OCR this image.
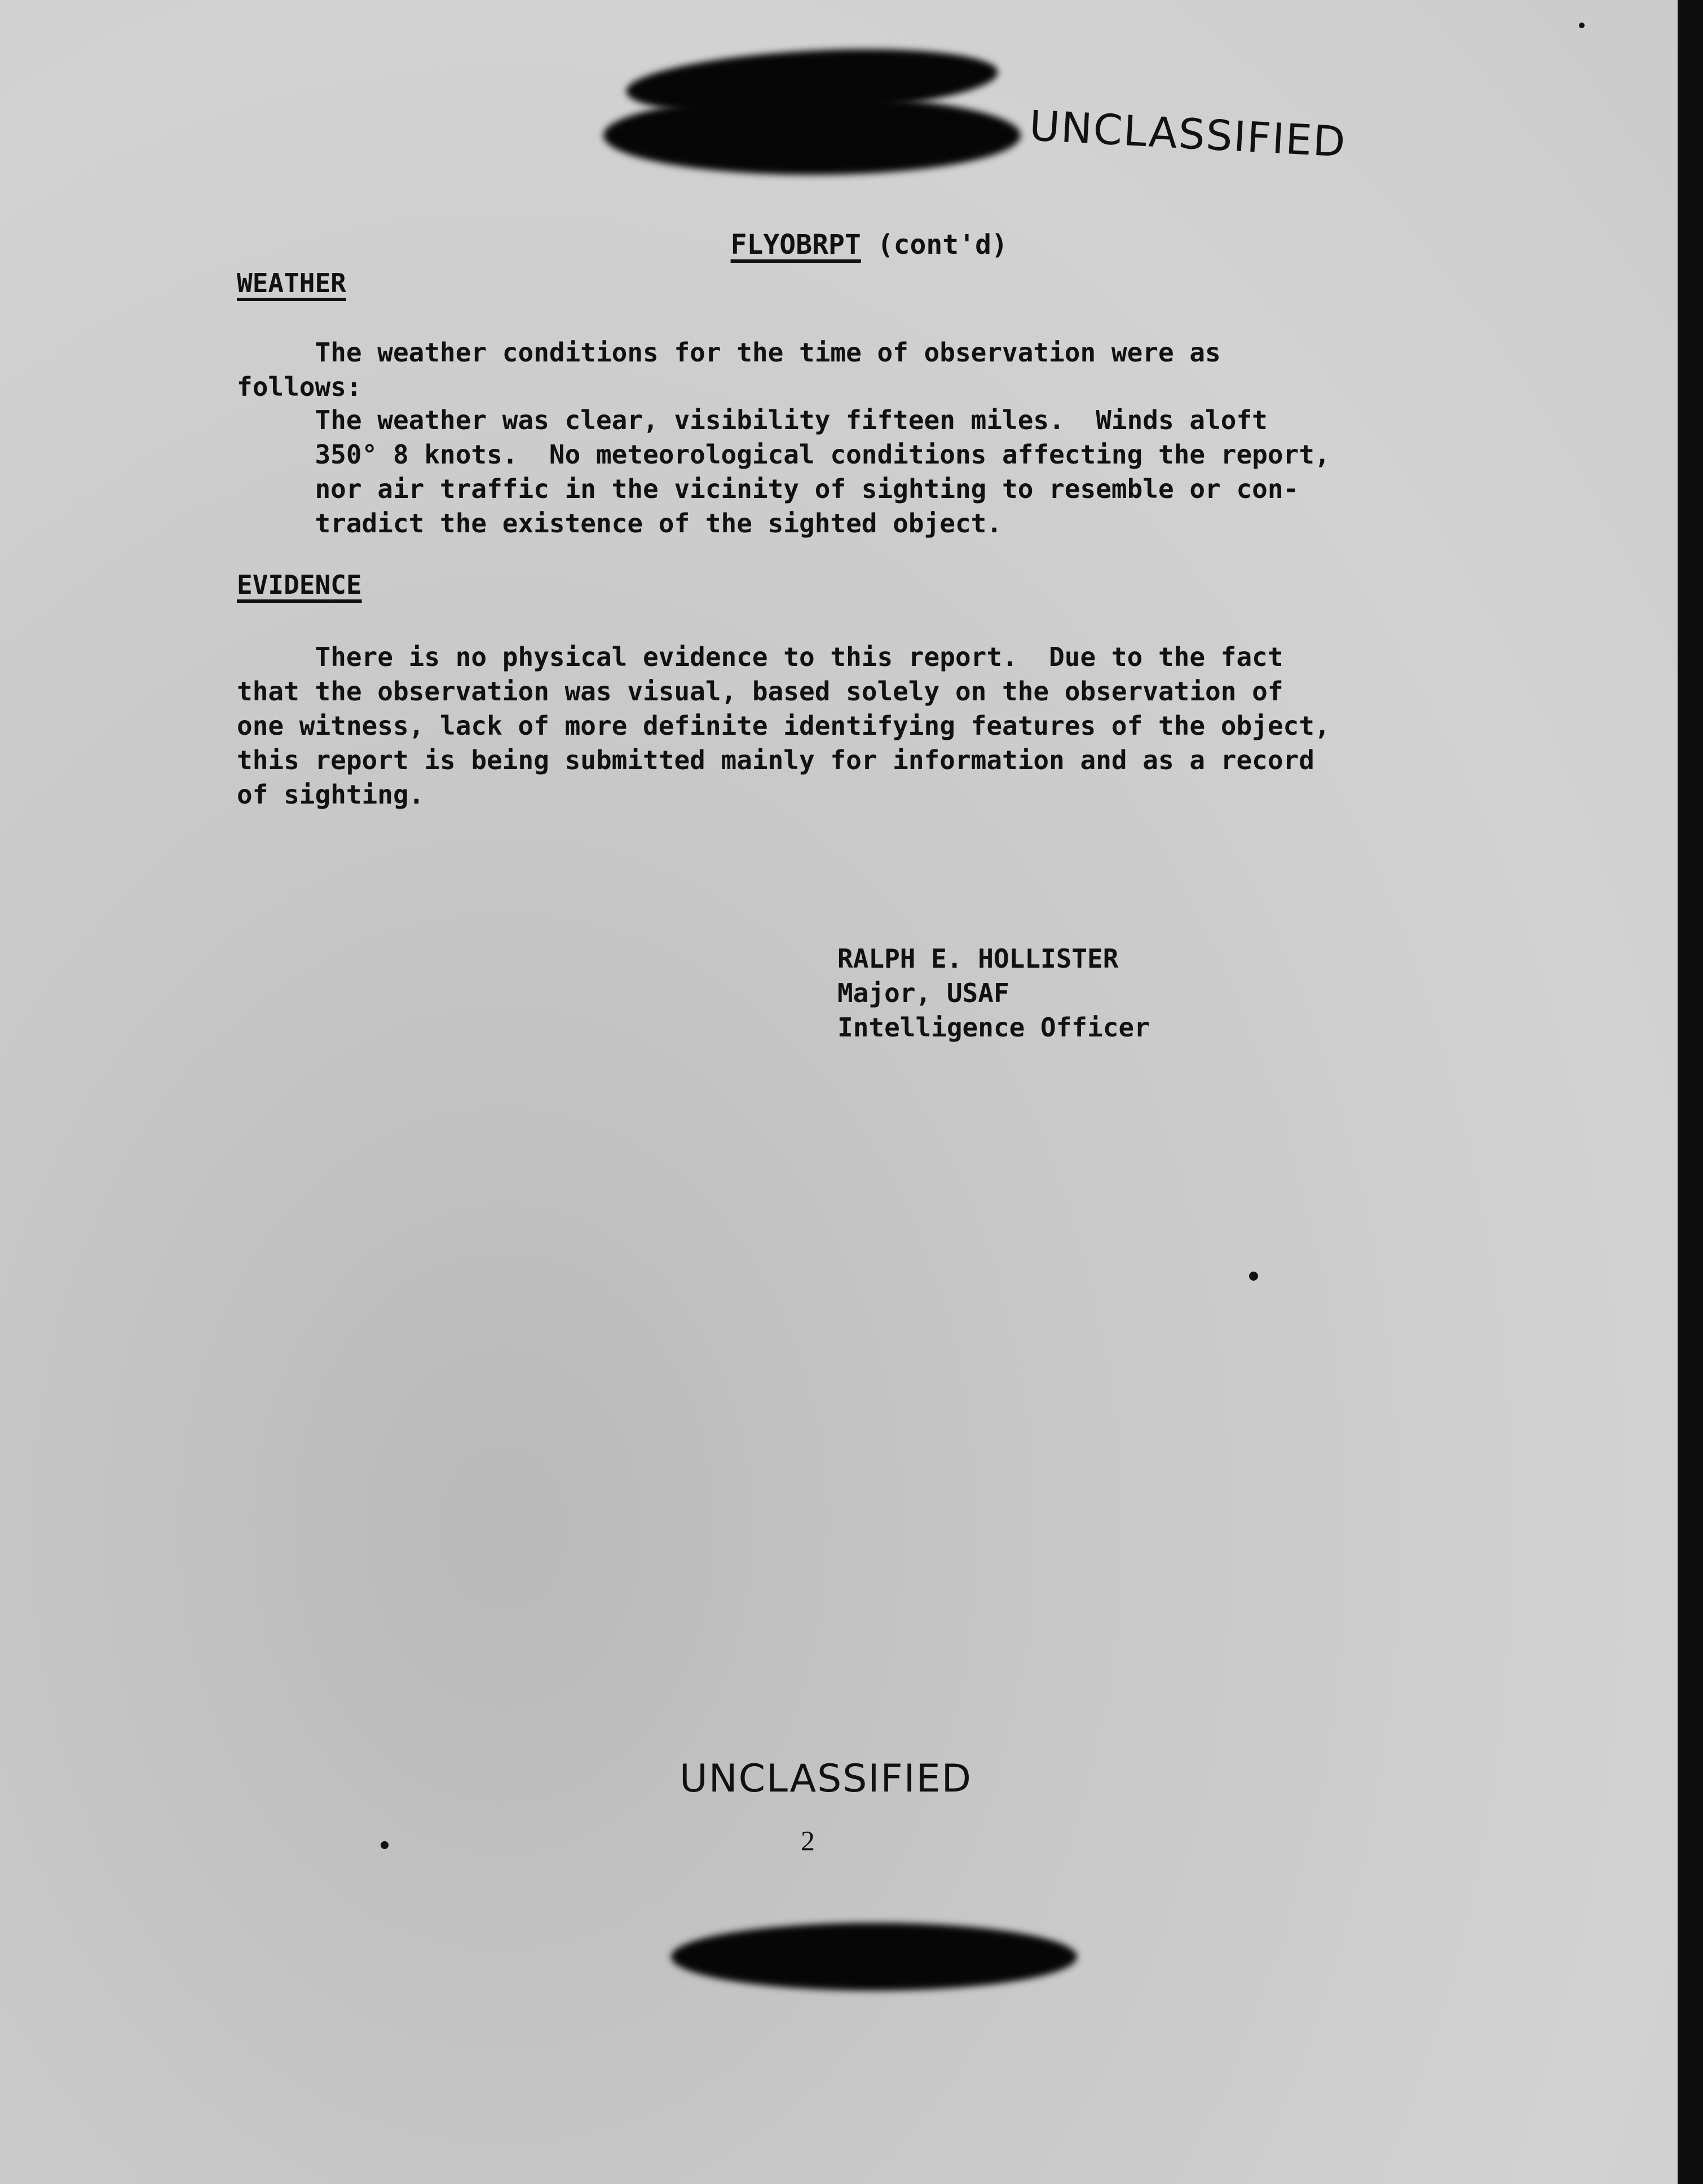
UNCLASSIFIED

FLYOBRPT (cont'd)

WEATHER
The weather conditions for the time of observation were as
follows:
The weather was clear, visibility fifteen miles.  Winds aloft
350° 8 knots.  No meteorological conditions affecting the report,
nor air traffic in the vicinity of sighting to resemble or con-
tradict the existence of the sighted object.
EVIDENCE
There is no physical evidence to this report.  Due to the fact
that the observation was visual, based solely on the observation of
one witness, lack of more definite identifying features of the object,
this report is being submitted mainly for information and as a record
of sighting.
RALPH E. HOLLISTER
Major, USAF
Intelligence Officer
UNCLASSIFIED
2
